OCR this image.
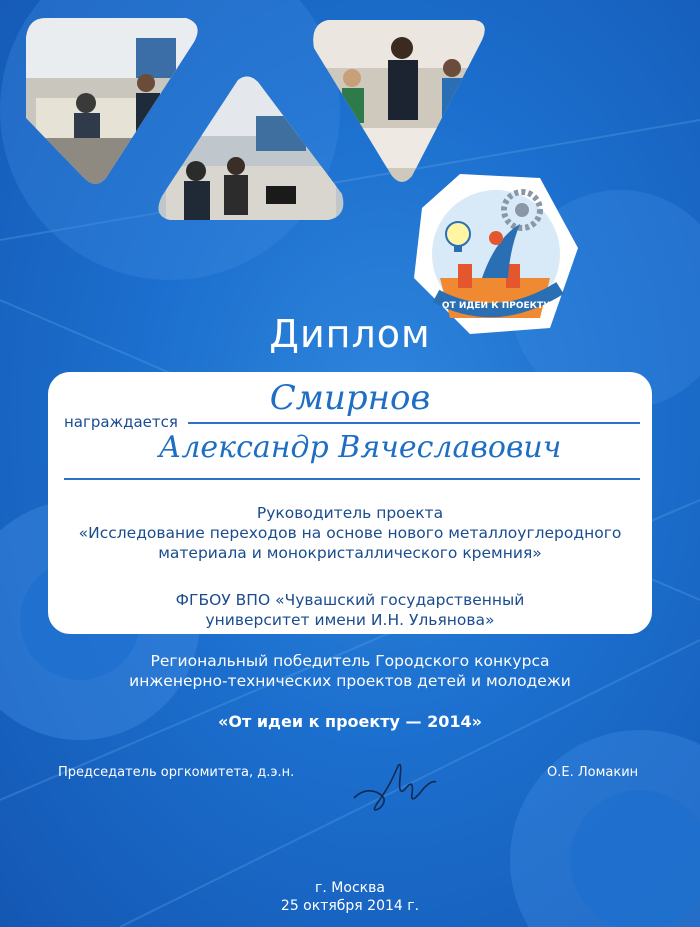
ОТ ИДЕИ К ПРОЕКТУ
Диплом
награждается
Смирнов
Александр Вячеславович
Руководитель проекта
«Исследование переходов на основе нового металлоуглеродного
материала и монокристаллического кремния»
ФГБОУ ВПО «Чувашский государственный
университет имени И.Н. Ульянова»
Региональный победитель Городского конкурса
инженерно-технических проектов детей и молодежи
«От идеи к проекту — 2014»
Председатель оргкомитета, д.э.н.	О.Е. Ломакин
г. Москва
25 октября 2014 г.
